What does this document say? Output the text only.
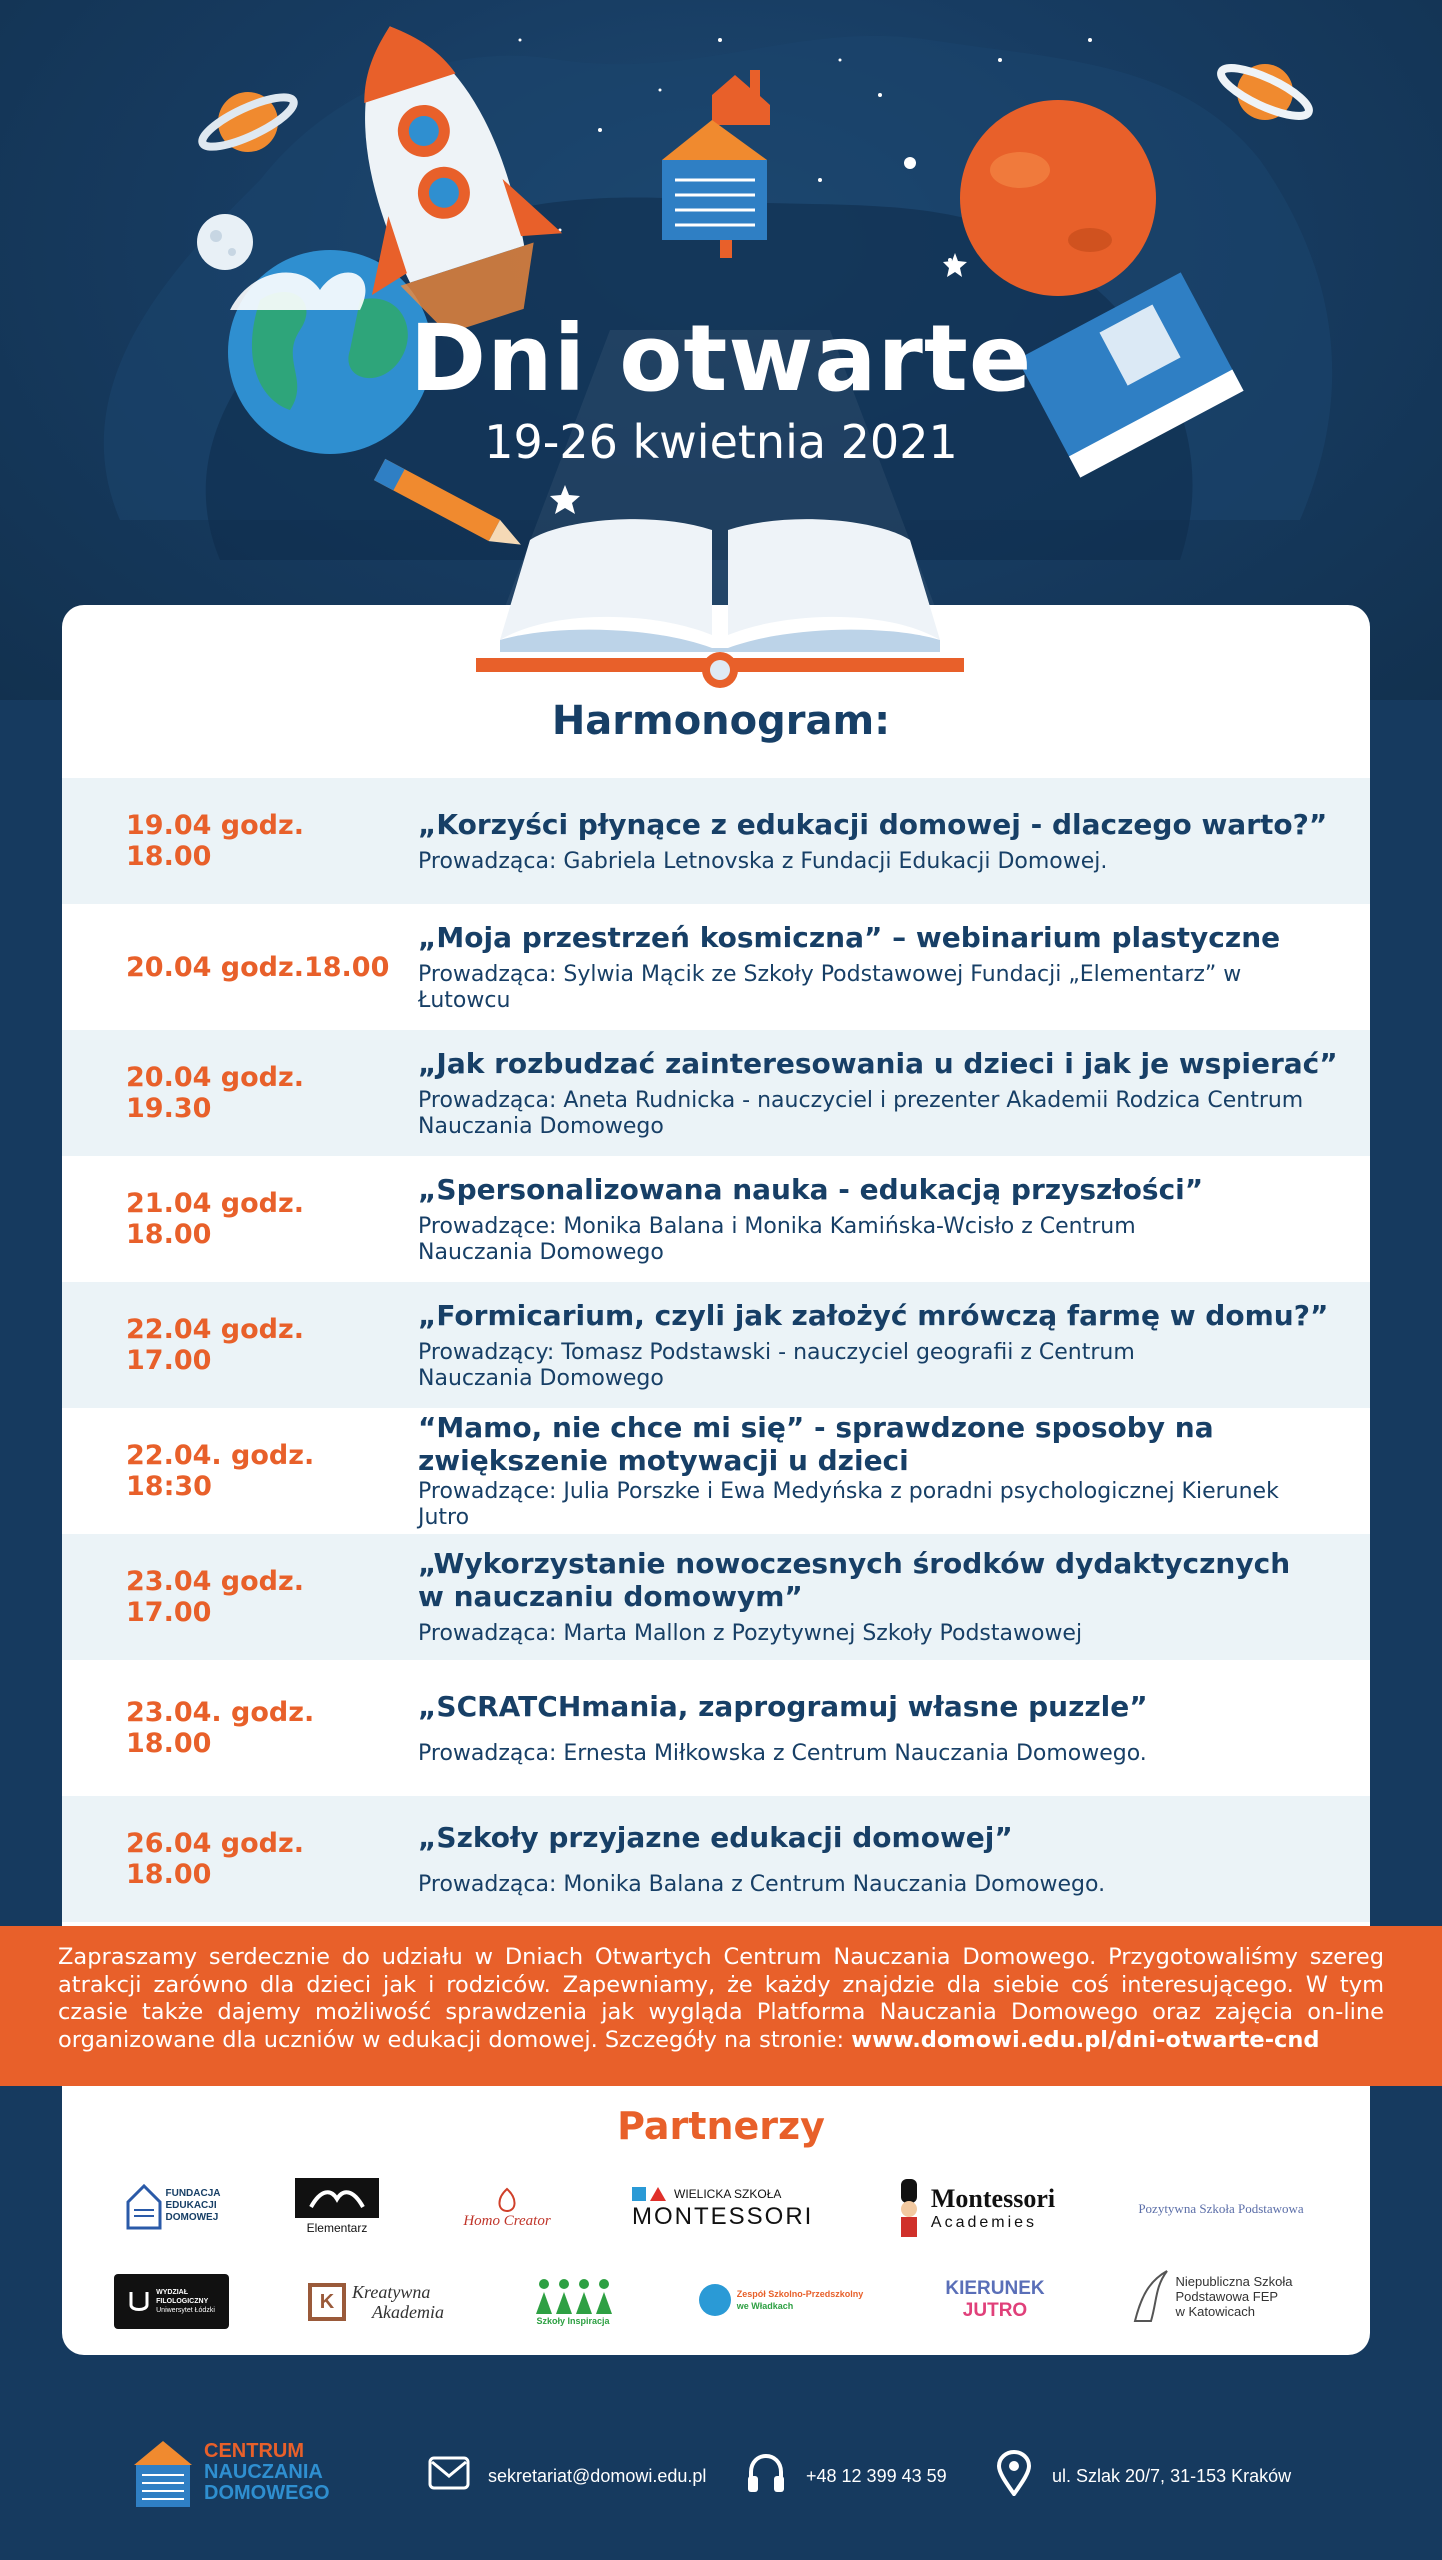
Dni otwarte
19-26 kwietnia 2021
Harmonogram:
19.04 godz. 18.00
„Korzyści płynące z edukacji domowej - dlaczego warto?”
Prowadząca: Gabriela Letnovska z Fundacji Edukacji Domowej.
20.04 godz.18.00
„Moja przestrzeń kosmiczna” – webinarium plastyczne
Prowadząca: Sylwia Mącik ze Szkoły Podstawowej Fundacji „Elementarz” w Łutowcu
20.04 godz. 19.30
„Jak rozbudzać zainteresowania u dzieci i jak je wspierać”
Prowadząca: Aneta Rudnicka - nauczyciel i prezenter Akademii Rodzica Centrum Nauczania Domowego
21.04 godz. 18.00
„Spersonalizowana nauka - edukacją przyszłości”
Prowadzące: Monika Balana i Monika Kamińska-Wcisło z Centrum Nauczania Domowego
22.04 godz. 17.00
„Formicarium, czyli jak założyć mrówczą farmę w domu?”
Prowadzący: Tomasz Podstawski - nauczyciel geografii z Centrum Nauczania Domowego
22.04. godz. 18:30
“Mamo, nie chce mi się” - sprawdzone sposoby na zwiększenie motywacji u dzieci
Prowadzące: Julia Porszke i Ewa Medyńska z poradni psychologicznej Kierunek Jutro
23.04 godz. 17.00
„Wykorzystanie nowoczesnych środków dydaktycznych w nauczaniu domowym”
Prowadząca: Marta Mallon z Pozytywnej Szkoły Podstawowej
23.04. godz. 18.00
„SCRATCHmania, zaprogramuj własne puzzle”
Prowadząca: Ernesta Miłkowska z Centrum Nauczania Domowego.
26.04 godz. 18.00
„Szkoły przyjazne edukacji domowej”
Prowadząca: Monika Balana z Centrum Nauczania Domowego.
Zapraszamy serdecznie do udziału w Dniach Otwartych Centrum Nauczania Domowego. Przygotowaliśmy szereg atrakcji zarówno dla dzieci jak i rodziców. Zapewniamy, że każdy znajdzie dla siebie coś interesującego. W tym czasie także dajemy możliwość sprawdzenia jak wygląda Platforma Nauczania Domowego oraz zajęcia on-line organizowane dla uczniów w edukacji domowej. Szczegóły na stronie: www.domowi.edu.pl/dni-otwarte-cnd
Partnerzy
FUNDACJA
EDUKACJI
DOMOWEJ
Elementarz	Homo Creator
WIELICKA SZKOŁA
MONTESSORI
Montessori
Academies
Pozytywna Szkoła Podstawowa
WYDZIAŁ
FILOLOGICZNY
Uniwersytet Łódzki	K Kreatywna
Akademia	Szkoły Inspiracja
Zespół Szkolno-Przedszkolny
we Władkach
KIERUNEK
JUTRO
Niepubliczna Szkoła
Podstawowa FEP
w Katowicach
CENTRUM
NAUCZANIA
DOMOWEGO
sekretariat@domowi.edu.pl	+48 12 399 43 59	ul. Szlak 20/7, 31-153 Kraków
